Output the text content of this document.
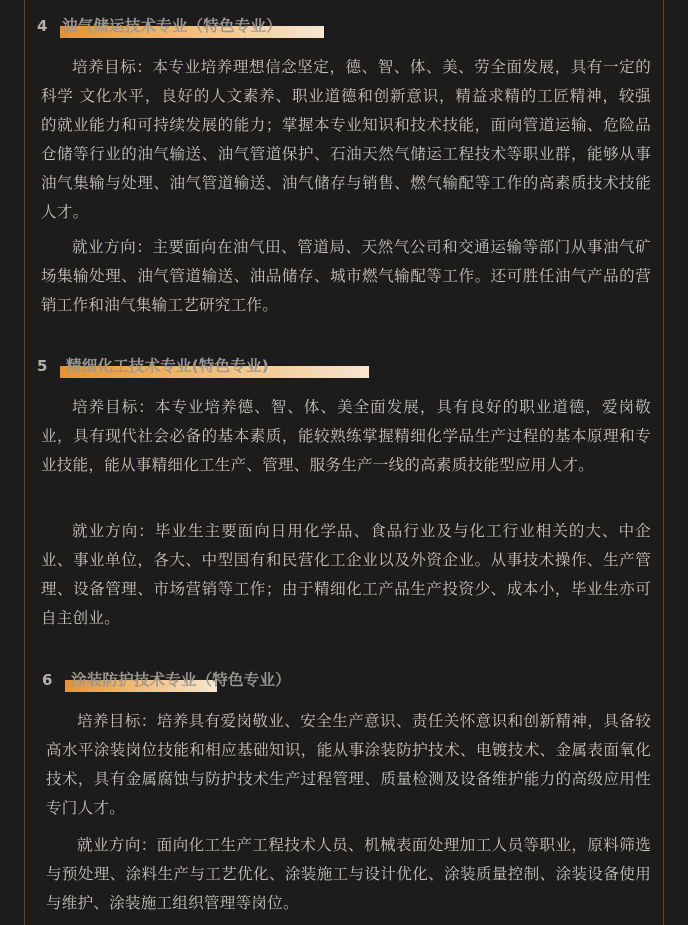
4 油气储运技术专业（特色专业）

培养目标：本专业培养理想信念坚定，德、智、体、美、劳全面发展，具有一定的科学 文化水平，良好的人文素养、职业道德和创新意识，精益求精的工匠精神，较强 的就业能力和可持续发展的能力；掌握本专业知识和技术技能，面向管道运输、危险品仓储等行业的油气输送、油气管道保护、石油天然气储运工程技术等职业群，能够从事油气集输与处理、油气管道输送、油气储存与销售、燃气输配等工作的高素质技术技能人才。

就业方向：主要面向在油气田、管道局、天然气公司和交通运输等部门从事油气矿场集输处理、油气管道输送、油品储存、城市燃气输配等工作。还可胜任油气产品的营销工作和油气集输工艺研究工作。

5 精细化工技术专业(特色专业)

培养目标：本专业培养德、智、体、美全面发展，具有良好的职业道德，爱岗敬业，具有现代社会必备的基本素质，能较熟练掌握精细化学品生产过程的基本原理和专业技能，能从事精细化工生产、管理、服务生产一线的高素质技能型应用人才。

就业方向：毕业生主要面向日用化学品、食品行业及与化工行业相关的大、中企业、事业单位，各大、中型国有和民营化工企业以及外资企业。从事技术操作、生产管理、设备管理、市场营销等工作；由于精细化工产品生产投资少、成本小，毕业生亦可自主创业。

6 涂装防护技术专业（特色专业）

培养目标：培养具有爱岗敬业、安全生产意识、责任关怀意识和创新精神，具备较高水平涂装岗位技能和相应基础知识，能从事涂装防护技术、电镀技术、金属表面氧化技术，具有金属腐蚀与防护技术生产过程管理、质量检测及设备维护能力的高级应用性专门人才。

就业方向：面向化工生产工程技术人员、机械表面处理加工人员等职业，原料筛选与预处理、涂料生产与工艺优化、涂装施工与设计优化、涂装质量控制、涂装设备使用与维护、涂装施工组织管理等岗位。
